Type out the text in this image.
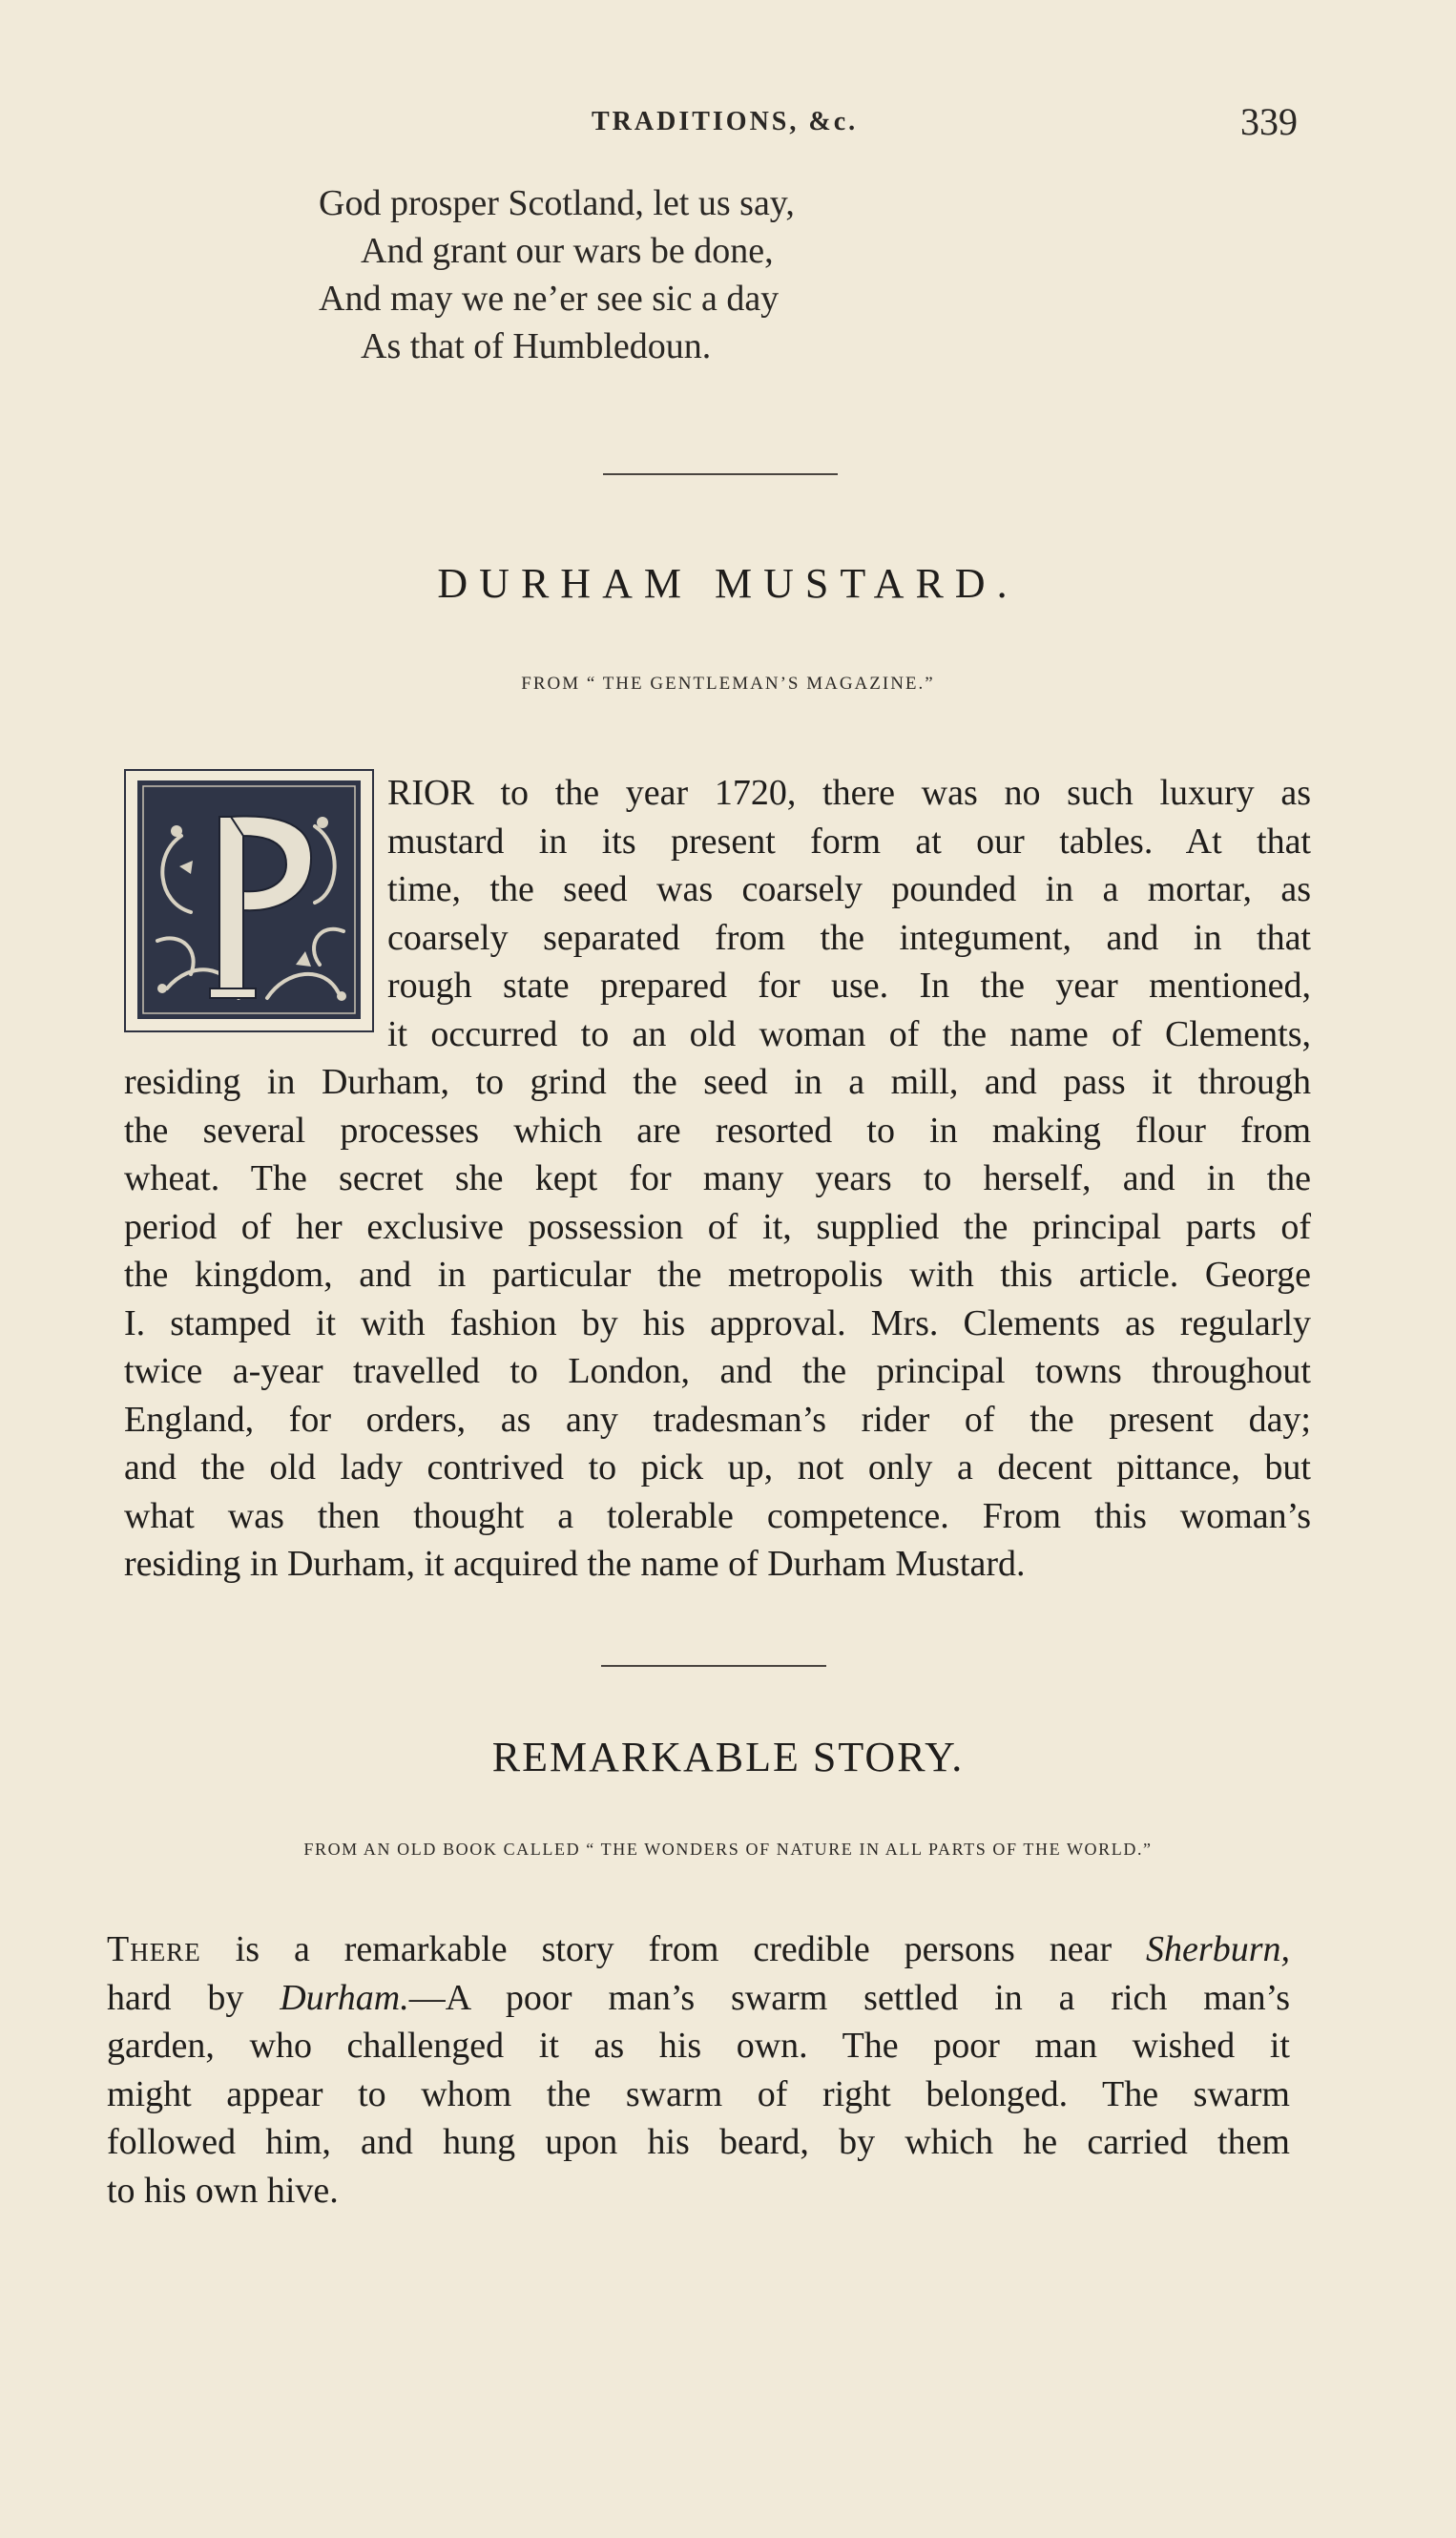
TRADITIONS, &c.	339
God prosper Scotland, let us say,
And grant our wars be done,
And may we ne’er see sic a day
As that of Humbledoun.
DURHAM MUSTARD.
FROM “ THE GENTLEMAN’S MAGAZINE.”
RIOR to the year 1720, there was no such luxury as
mustard in its present form at our tables. At that
time, the seed was coarsely pounded in a mortar, as
coarsely separated from the integument, and in that
rough state prepared for use. In the year mentioned,
it occurred to an old woman of the name of Clements,
residing in Durham, to grind the seed in a mill, and pass it through
the several processes which are resorted to in making flour from
wheat. The secret she kept for many years to herself, and in the
period of her exclusive possession of it, supplied the principal parts of
the kingdom, and in particular the metropolis with this article. George
I. stamped it with fashion by his approval. Mrs. Clements as regularly
twice a-year travelled to London, and the principal towns throughout
England, for orders, as any tradesman’s rider of the present day;
and the old lady contrived to pick up, not only a decent pittance, but
what was then thought a tolerable competence. From this woman’s
residing in Durham, it acquired the name of Durham Mustard.
REMARKABLE STORY.
FROM AN OLD BOOK CALLED “ THE WONDERS OF NATURE IN ALL PARTS OF THE WORLD.”
There is a remarkable story from credible persons near Sherburn,
hard by Durham.—A poor man’s swarm settled in a rich man’s
garden, who challenged it as his own. The poor man wished it
might appear to whom the swarm of right belonged. The swarm
followed him, and hung upon his beard, by which he carried them
to his own hive.
